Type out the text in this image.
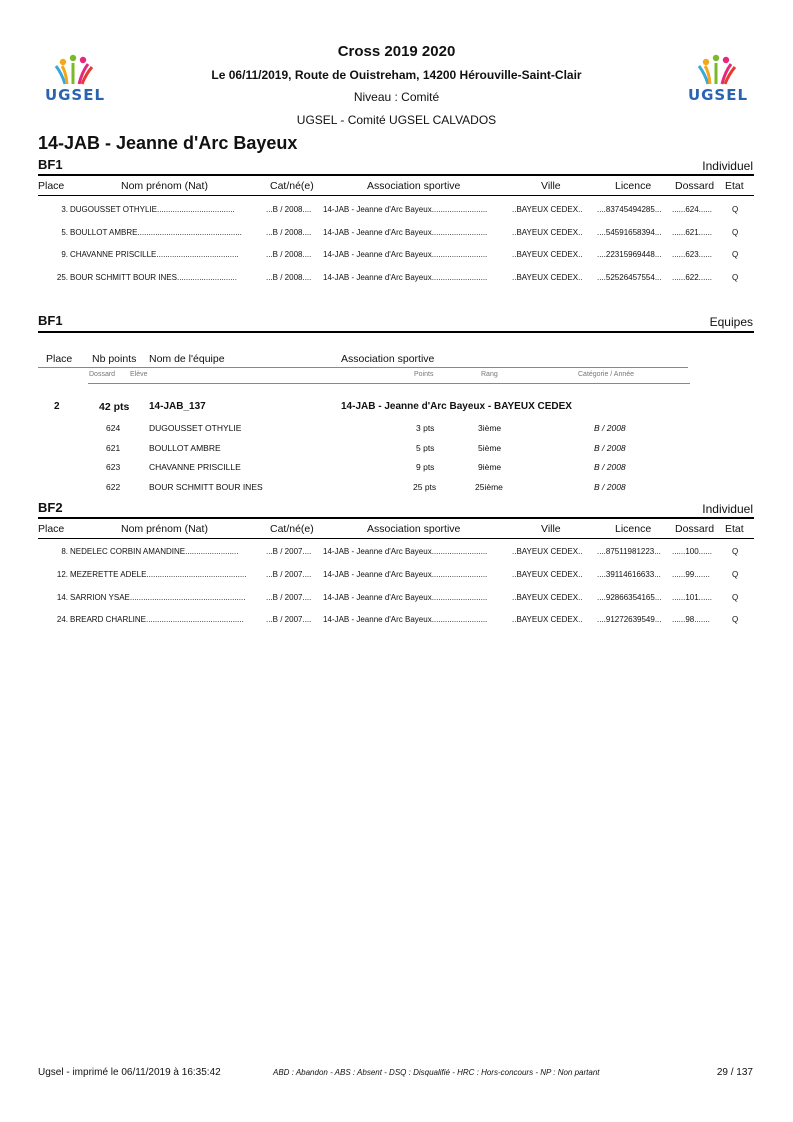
UGSEL	UGSEL
Cross 2019 2020
Le 06/11/2019, Route de Ouistreham, 14200 Hérouville-Saint-Clair
Niveau : Comité
UGSEL - Comité UGSEL CALVADOS
14-JAB - Jeanne d'Arc Bayeux
BF1	Individuel
Place	Nom prénom (Nat)	Cat/né(e)	Association sportive	Ville	Licence Dossard Etat
3. DUGOUSSET OTHYLIE...................................	...B / 2008.... 14-JAB - Jeanne d'Arc Bayeux.........................	..BAYEUX CEDEX.. ....83745494285... ......624...... Q
5. BOULLOT AMBRE...............................................	...B / 2008.... 14-JAB - Jeanne d'Arc Bayeux.........................	..BAYEUX CEDEX.. ....54591658394... ......621...... Q
9. CHAVANNE PRISCILLE.....................................	...B / 2008.... 14-JAB - Jeanne d'Arc Bayeux.........................	..BAYEUX CEDEX.. ....22315969448... ......623...... Q
25. BOUR SCHMITT BOUR INES...........................	...B / 2008.... 14-JAB - Jeanne d'Arc Bayeux.........................	..BAYEUX CEDEX.. ....52526457554... ......622...... Q
BF1	Equipes
Place Nb points Nom de l'équipe	Association sportive
Dossard Elève	Points	Rang	Catégorie / Année
2	42 pts 14-JAB_137	14-JAB - Jeanne d'Arc Bayeux - BAYEUX CEDEX
624	DUGOUSSET OTHYLIE	3 pts	3ième	B / 2008
621	BOULLOT AMBRE	5 pts	5ième	B / 2008
623	CHAVANNE PRISCILLE	9 pts	9ième	B / 2008
622	BOUR SCHMITT BOUR INES	25 pts	25ième	B / 2008
BF2	Individuel
Place	Nom prénom (Nat)	Cat/né(e)	Association sportive	Ville	Licence Dossard Etat
8. NEDELEC CORBIN AMANDINE........................	...B / 2007.... 14-JAB - Jeanne d'Arc Bayeux.........................	..BAYEUX CEDEX.. ....87511981223... ......100...... Q
12. MEZERETTE ADELE.............................................	...B / 2007.... 14-JAB - Jeanne d'Arc Bayeux.........................	..BAYEUX CEDEX.. ....39114616633... ......99.......	Q
14. SARRION YSAE....................................................	...B / 2007.... 14-JAB - Jeanne d'Arc Bayeux.........................	..BAYEUX CEDEX.. ....92866354165... ......101...... Q
24. BREARD CHARLINE............................................	...B / 2007.... 14-JAB - Jeanne d'Arc Bayeux.........................	..BAYEUX CEDEX.. ....91272639549... ......98.......	Q
Ugsel - imprimé le 06/11/2019 à 16:35:42	ABD : Abandon - ABS : Absent - DSQ : Disqualifié - HRC : Hors-concours - NP : Non partant	29 / 137
